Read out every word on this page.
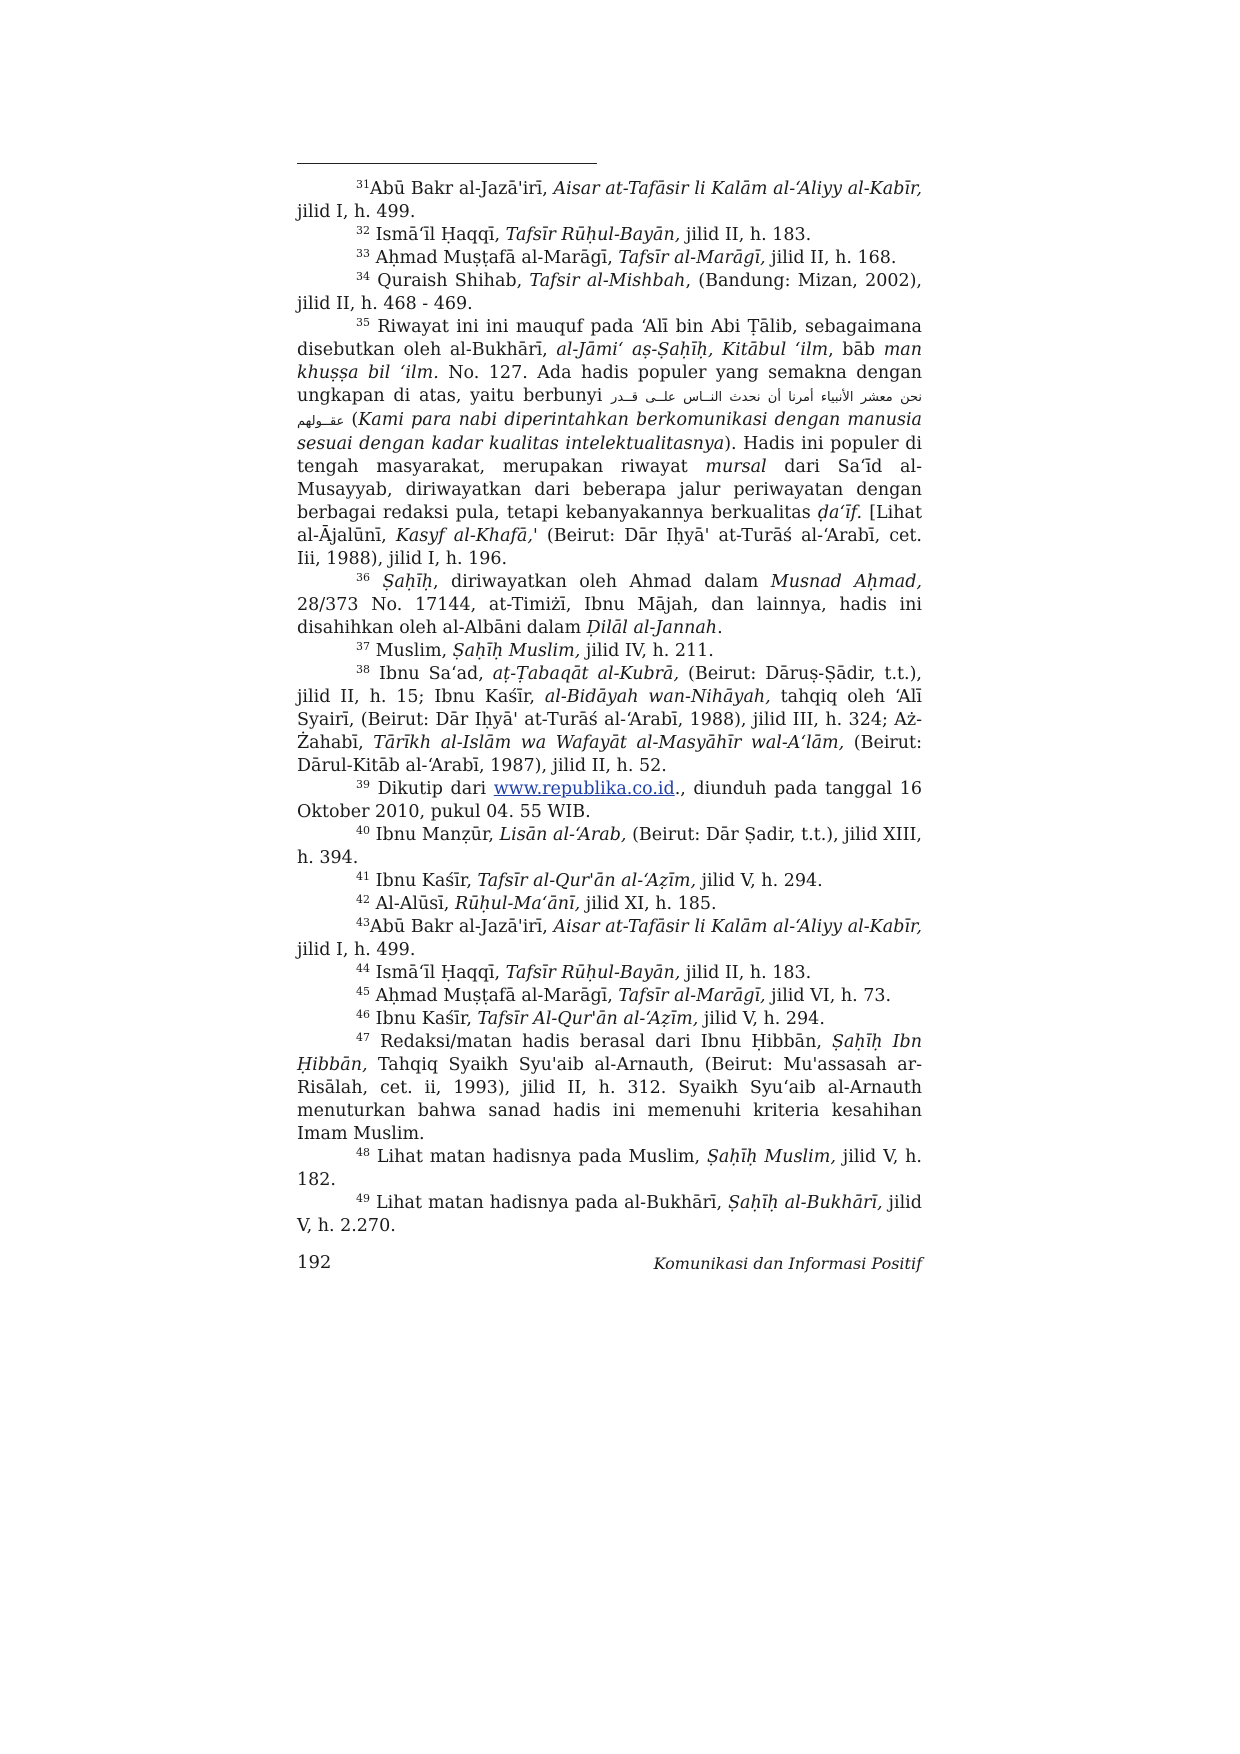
$^{31}$Abū Bakr al-Jazā'irī, Aisar at-Tafāsir li Kalām al-‘Aliyy al-Kabīr, jilid I, h. 499.

$^{32}$ Ismā‘īl Ḥaqqī, Tafsīr Rūḥul-Bayān, jilid II, h. 183.

$^{33}$ Aḥmad Muṣṭafā al-Marāgī, Tafsīr al-Marāgī, jilid II, h. 168.

$^{34}$ Quraish Shihab, Tafsir al-Mishbah, (Bandung: Mizan, 2002), jilid II, h. 468 - 469.

$^{35}$ Riwayat ini ini mauquf pada ‘Alī bin Abi Ṭālib, sebagaimana disebutkan oleh al-Bukhārī, al-Jāmi‘ aṣ-Ṣaḥīḥ, Kitābul ‘ilm, bāb man khuṣṣa bil ‘ilm. No. 127. Ada hadis populer yang semakna dengan ungkapan di atas, yaitu berbunyi نحن معشر الأنبياء أمرنا أن نحدث النــاس علــى قــدر عقــولهم (Kami para nabi diperintahkan berkomunikasi dengan manusia sesuai dengan kadar kualitas intelektualitasnya). Hadis ini populer di tengah masyarakat, merupakan riwayat mursal dari Sa‘īd al-Musayyab, diriwayatkan dari beberapa jalur periwayatan dengan berbagai redaksi pula, tetapi kebanyakannya berkualitas ḍa‘īf. [Lihat al-Ājalūnī, Kasyf al-Khafā,' (Beirut: Dār Iḥyā' at-Turāś al-‘Arabī, cet. Iii, 1988), jilid I, h. 196.

$^{36}$ Ṣaḥīḥ, diriwayatkan oleh Ahmad dalam Musnad Aḥmad, 28/373 No. 17144, at-Timiżī, Ibnu Mājah, dan lainnya, hadis ini disahihkan oleh al-Albāni dalam Ḍilāl al-Jannah.

$^{37}$ Muslim, Ṣaḥīḥ Muslim, jilid IV, h. 211.

$^{38}$ Ibnu Sa‘ad, aṭ-Ṭabaqāt al-Kubrā, (Beirut: Dāruṣ-Ṣādir, t.t.), jilid II, h. 15; Ibnu Kaśīr, al-Bidāyah wan-Nihāyah, tahqiq oleh ‘Alī Syairī, (Beirut: Dār Iḥyā' at-Turāś al-‘Arabī, 1988), jilid III, h. 324; Aż-Żahabī, Tārīkh al-Islām wa Wafayāt al-Masyāhīr wal-A‘lām, (Beirut: Dārul-Kitāb al-‘Arabī, 1987), jilid II, h. 52.

$^{39}$ Dikutip dari www.republika.co.id., diunduh pada tanggal 16 Oktober 2010, pukul 04. 55 WIB.

$^{40}$ Ibnu Manẓūr, Lisān al-‘Arab, (Beirut: Dār Ṣadir, t.t.), jilid XIII, h. 394.

$^{41}$ Ibnu Kaśīr, Tafsīr al-Qur'ān al-‘Aẓīm, jilid V, h. 294.

$^{42}$ Al-Alūsī, Rūḥul-Ma‘ānī, jilid XI, h. 185.

$^{43}$Abū Bakr al-Jazā'irī, Aisar at-Tafāsir li Kalām al-‘Aliyy al-Kabīr, jilid I, h. 499.

$^{44}$ Ismā‘īl Ḥaqqī, Tafsīr Rūḥul-Bayān, jilid II, h. 183.

$^{45}$ Aḥmad Muṣṭafā al-Marāgī, Tafsīr al-Marāgī, jilid VI, h. 73.

$^{46}$ Ibnu Kaśīr, Tafsīr Al-Qur'ān al-‘Aẓīm, jilid V, h. 294.

$^{47}$ Redaksi/matan hadis berasal dari Ibnu Ḥibbān, Ṣaḥīḥ Ibn Ḥibbān, Tahqiq Syaikh Syu'aib al-Arnauth, (Beirut: Mu'assasah ar-Risālah, cet. ii, 1993), jilid II, h. 312. Syaikh Syu‘aib al-Arnauth menuturkan bahwa sanad hadis ini memenuhi kriteria kesahihan Imam Muslim.

$^{48}$ Lihat matan hadisnya pada Muslim, Ṣaḥīḥ Muslim, jilid V, h. 182.

$^{49}$ Lihat matan hadisnya pada al-Bukhārī, Ṣaḥīḥ al-Bukhārī, jilid V, h. 2.270.

192	Komunikasi dan Informasi Positif
